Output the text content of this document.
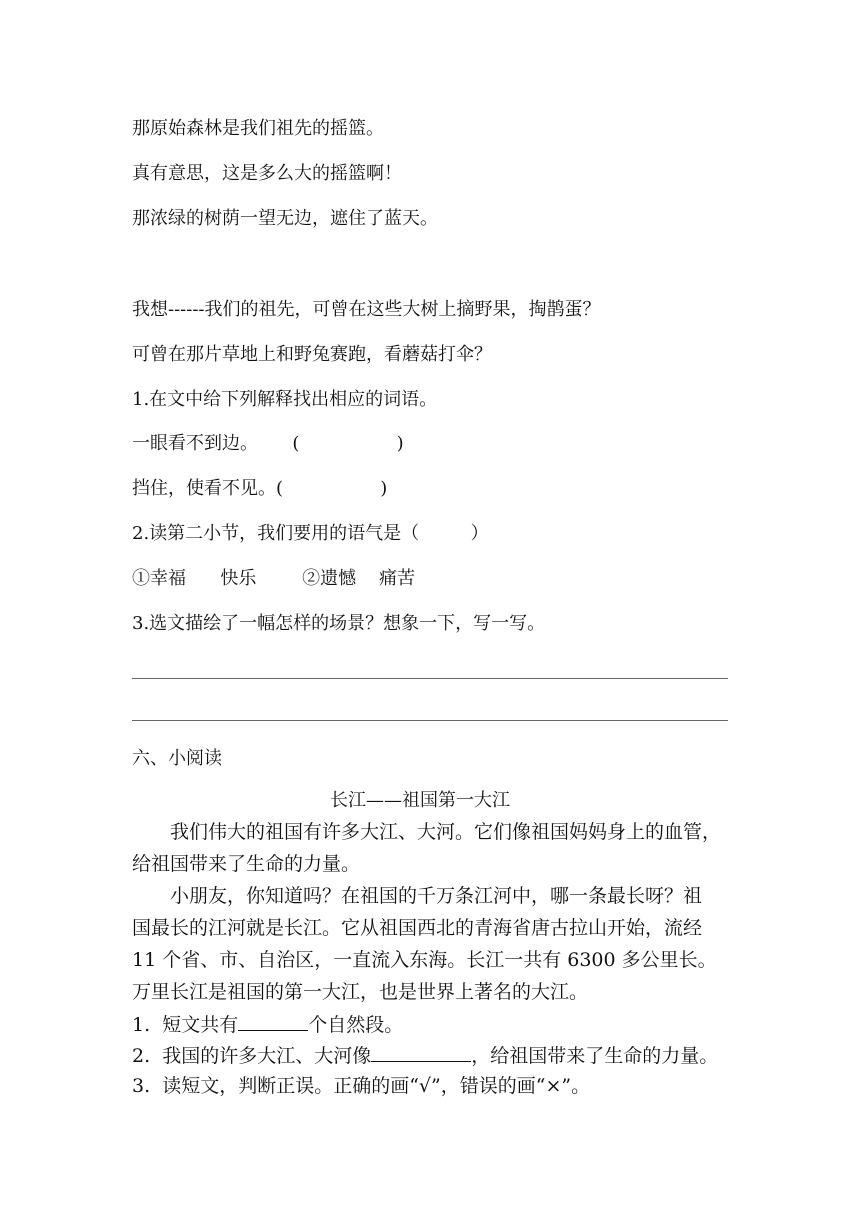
那原始森林是我们祖先的摇篮。
真有意思，这是多么大的摇篮啊！
那浓绿的树荫一望无边，遮住了蓝天。
我想------我们的祖先，可曾在这些大树上摘野果，掏鹊蛋？
可曾在那片草地上和野兔赛跑，看蘑菇打伞？
1.在文中给下列解释找出相应的词语。
一眼看不到边。      (                 )
挡住，使看不见。(                 )
2.读第二小节，我们要用的语气是（         ）
①幸福      快乐        ②遗憾    痛苦
3.选文描绘了一幅怎样的场景？想象一下，写一写。
六、小阅读
长江——祖国第一大江
我们伟大的祖国有许多大江、大河。它们像祖国妈妈身上的血管，
给祖国带来了生命的力量。
小朋友，你知道吗？在祖国的千万条江河中，哪一条最长呀？祖
国最长的江河就是长江。它从祖国西北的青海省唐古拉山开始，流经
11 个省、市、自治区，一直流入东海。长江一共有 6300 多公里长。
万里长江是祖国的第一大江，也是世界上著名的大江。
1.  短文共有	个自然段。
2.  我国的许多大江、大河像	，给祖国带来了生命的力量。
3.  读短文，判断正误。正确的画“√”，错误的画“×”。
